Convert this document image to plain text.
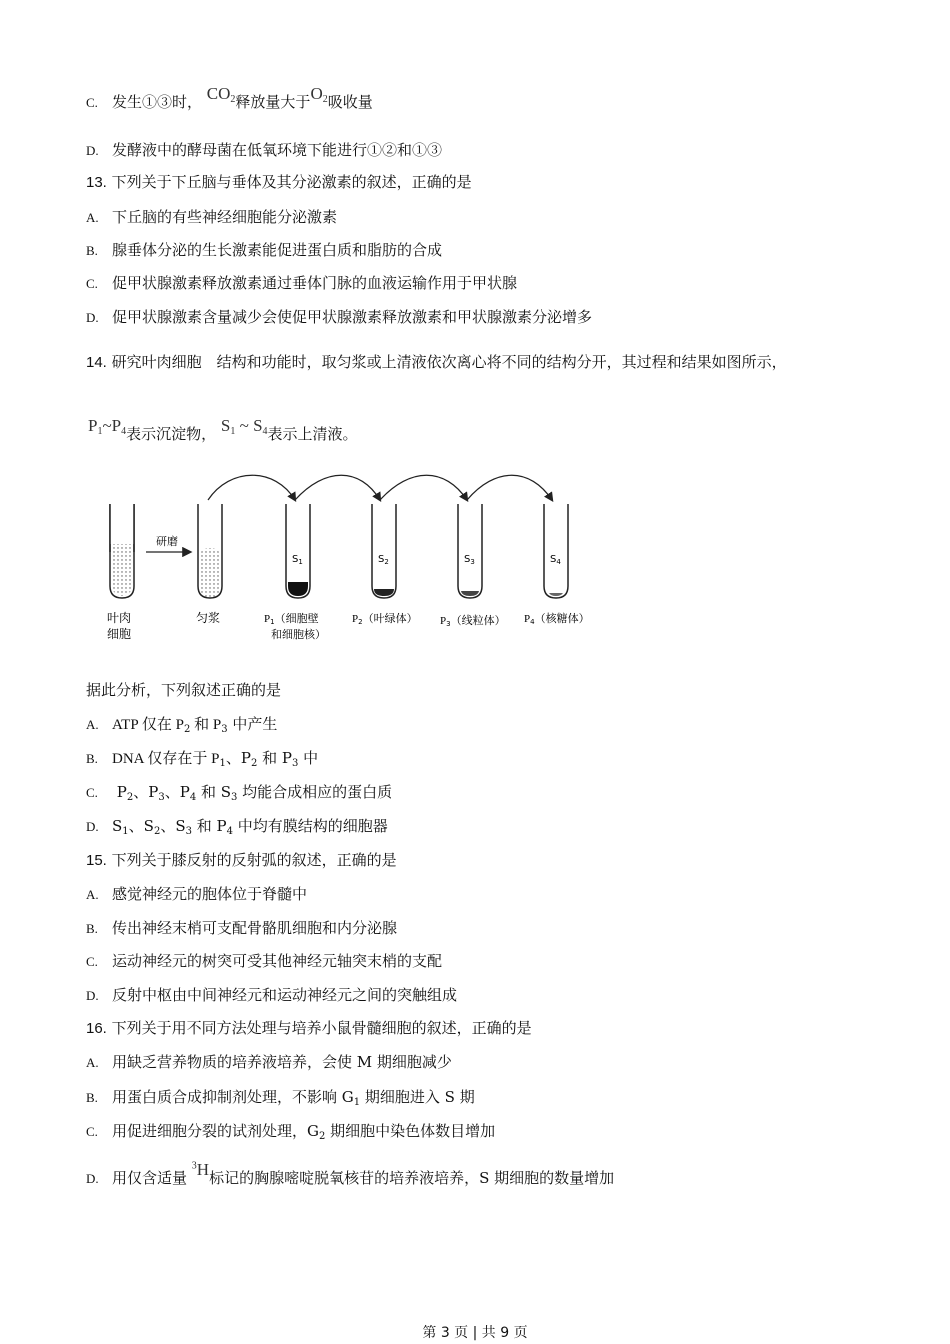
C. 发生①③时， $CO_2$释放量大于$O_2$吸收量
D. 发酵液中的酵母菌在低氧环境下能进行①②和①③
13. 下列关于下丘脑与垂体及其分泌激素的叙述，正确的是
A. 下丘脑的有些神经细胞能分泌激素
B. 腺垂体分泌的生长激素能促进蛋白质和脂肪的合成
C. 促甲状腺激素释放激素通过垂体门脉的血液运输作用于甲状腺
D. 促甲状腺激素含量减少会使促甲状腺激素释放激素和甲状腺激素分泌增多
14. 研究叶肉细胞　结构和功能时，取匀浆或上清液依次离心将不同的结构分开，其过程和结果如图所示，
$P_1\sim P_4$表示沉淀物， $S_1$ ~ $S_4$表示上清液。
研磨
$S_1$	$S_2$	$S_3$	$S_4$
叶肉
细胞
匀浆	P1（细胞壁
和细胞核）
P2（叶绿体） P3（线粒体） P4（核糖体）
据此分析，下列叙述正确的是
A. ATP 仅在 $P_2$ 和 $P_3$ 中产生
B. DNA 仅存在于 $P_1$、$P_2$ 和 $P_3$ 中
C. $P_2$、$P_3$、$P_4$ 和 $S_3$ 均能合成相应的蛋白质
D. $S_1$、$S_2$、$S_3$ 和 $P_4$ 中均有膜结构的细胞器
15. 下列关于膝反射的反射弧的叙述，正确的是
A. 感觉神经元的胞体位于脊髓中
B. 传出神经末梢可支配骨骼肌细胞和内分泌腺
C. 运动神经元的树突可受其他神经元轴突末梢的支配
D. 反射中枢由中间神经元和运动神经元之间的突触组成
16. 下列关于用不同方法处理与培养小鼠骨髓细胞的叙述，正确的是
A. 用缺乏营养物质的培养液培养，会使 M 期细胞减少
B. 用蛋白质合成抑制剂处理，不影响 $G_1$ 期细胞进入 S 期
C. 用促进细胞分裂的试剂处理，$G_2$ 期细胞中染色体数目增加
D. 用仅含适量 $^3$H标记的胸腺嘧啶脱氧核苷的培养液培养，S 期细胞的数量增加
第 3 页 | 共 9 页
